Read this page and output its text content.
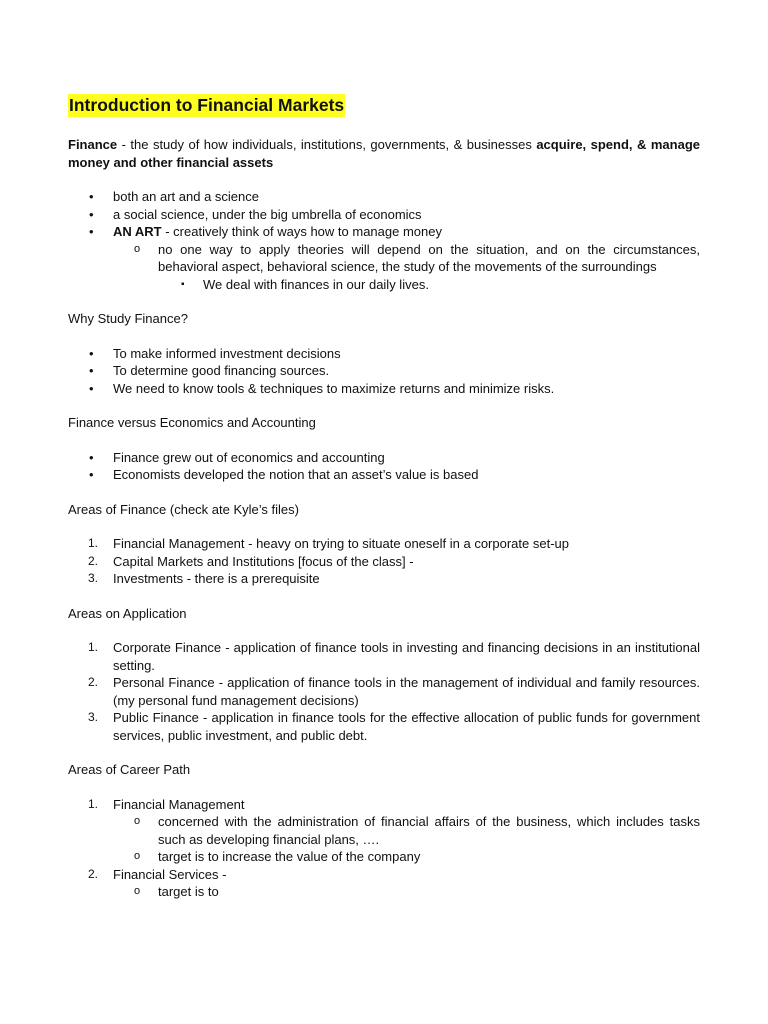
Introduction to Financial Markets

Finance - the study of how individuals, institutions, governments, & businesses acquire, spend, & manage money and other financial assets

• both an art and a science
• a social science, under the big umbrella of economics
• AN ART - creatively think of ways how to manage money
o no one way to apply theories will depend on the situation, and on the circumstances, behavioral aspect, behavioral science, the study of the movements of the surroundings
▪ We deal with finances in our daily lives.

Why Study Finance?

• To make informed investment decisions
• To determine good financing sources.
• We need to know tools & techniques to maximize returns and minimize risks.

Finance versus Economics and Accounting

• Finance grew out of economics and accounting
• Economists developed the notion that an asset’s value is based

Areas of Finance (check ate Kyle’s files)

1. Financial Management - heavy on trying to situate oneself in a corporate set-up
2. Capital Markets and Institutions [focus of the class] -
3. Investments - there is a prerequisite

Areas on Application

1. Corporate Finance - application of finance tools in investing and financing decisions in an institutional setting.
2. Personal Finance - application of finance tools in the management of individual and family resources. (my personal fund management decisions)
3. Public Finance - application in finance tools for the effective allocation of public funds for government services, public investment, and public debt.

Areas of Career Path

1. Financial Management
o concerned with the administration of financial affairs of the business, which includes tasks such as developing financial plans, ….
o target is to increase the value of the company
2. Financial Services -
o target is to
